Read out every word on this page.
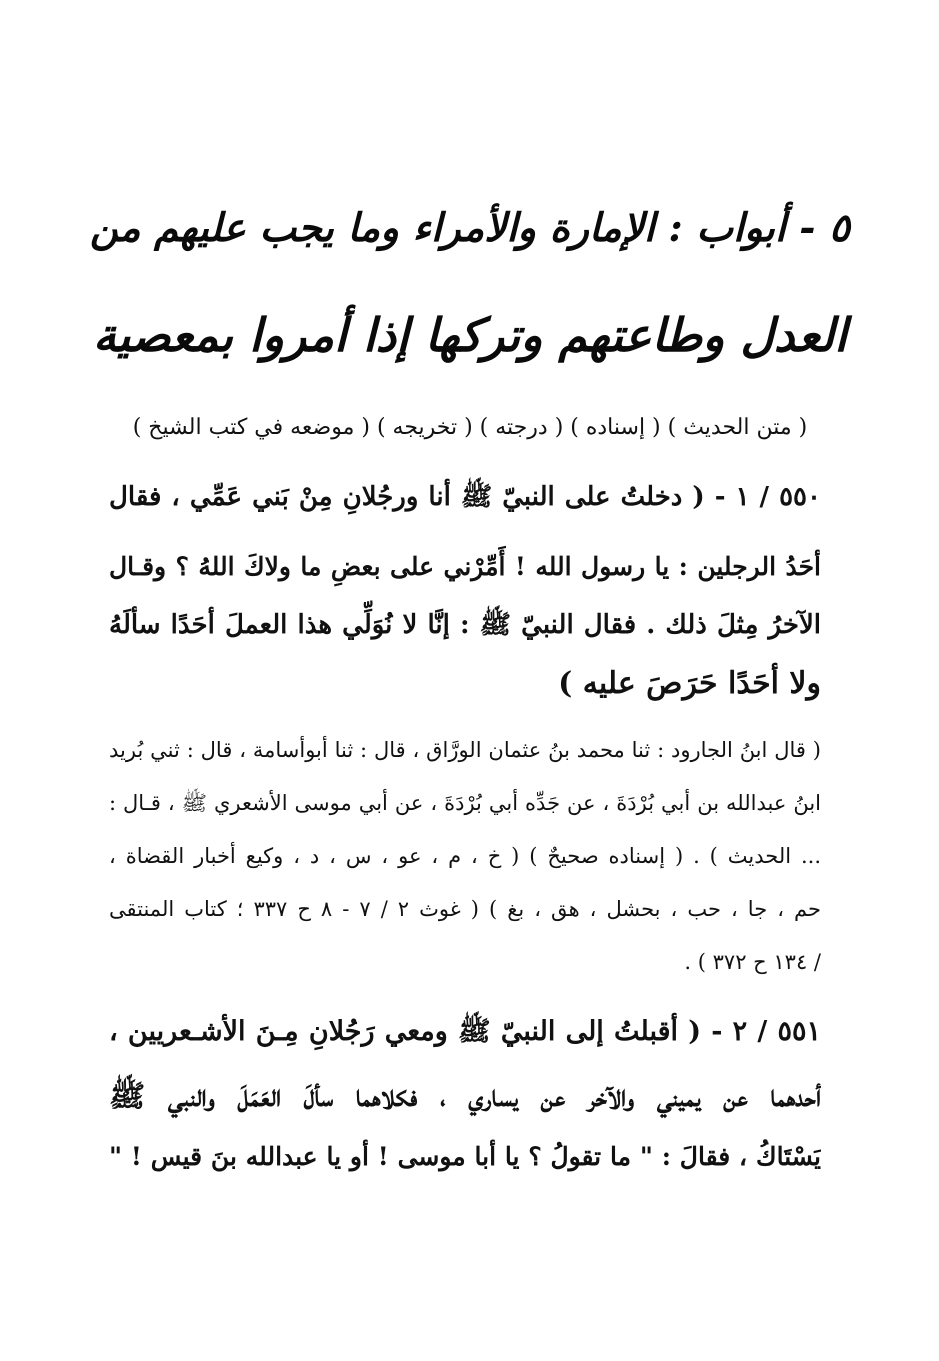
٥ - أبواب : الإمارة والأمراء وما يجب عليهم من
العدل وطاعتهم وتركها إذا أمروا بمعصية
( متن الحديث ) ( إسناده ) ( درجته ) ( تخريجه ) ( موضعه في كتب الشيخ )
٥٥٠ / ١ - ( دخلتُ على النبيّ ﷺ أنا ورجُلانِ مِنْ بَني عَمِّي ، فقال
أحَدُ الرجلين : يا رسول الله ! أَمِّرْني على بعضِ ما ولاكَ اللهُ ؟ وقـال
الآخرُ مِثلَ ذلك . فقال النبيّ ﷺ : إنَّا لا نُوَلِّي هذا العملَ أحَدًا سألَهُ
ولا أحَدًا حَرَصَ عليه )
( قال ابنُ الجارود : ثنا محمد بنُ عثمان الورَّاق ، قال : ثنا أبوأسامة ، قال : ثني بُريد
ابنُ عبدالله بن أبي بُرْدَةَ ، عن جَدِّه أبي بُرْدَةَ ، عن أبي موسى الأشعري ﷺ ، قـال :
... الحديث ) . ( إسناده صحيحٌ ) ( خ ، م ، عو ، س ، د ، وكيع أخبار القضاة ،
حم ، جا ، حب ، بحشل ، هق ، بغ ) ( غوث ٢ / ٧ - ٨ ح ٣٣٧ ؛ كتاب المنتقى
/ ١٣٤ ح ٣٧٢ ) .
٥٥١ / ٢ - ( أقبلتُ إلى النبيّ ﷺ ومعي رَجُلانِ مِـنَ الأشـعريين ،
أحدهما عن يميني والآخر عن يساري ، فكلاهما سألَ العَمَلَ والنبي ﷺ
يَسْتَاكُ ، فقالَ : " ما تقولُ ؟ يا أبا موسى ! أو يا عبدالله بنَ قيس ! "
